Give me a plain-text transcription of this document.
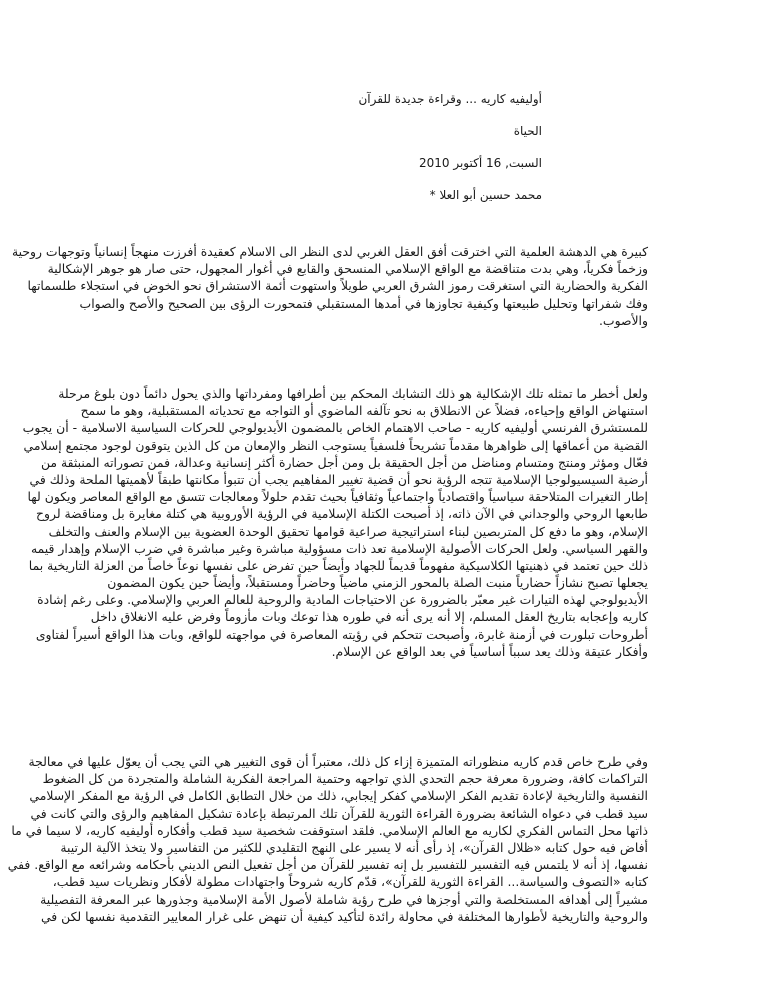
أوليفيه كاريه ... وقراءة جديدة للقرآن
الحياة
السبت, 16 أكتوبر 2010
محمد حسين أبو العلا *
كبيرة هي الدهشة العلمية التي اخترقت أفق العقل الغربي لدى النظر الى الاسلام كعقيدة أفرزت منهجاً إنسانياً وتوجهات روحية
وزخماً فكرياً، وهي بدت متناقضة مع الواقع الإسلامي المنسحق والقابع في أغوار المجهول، حتى صار هو جوهر الإشكالية
الفكرية والحضارية التي استغرقت رموز الشرق العربي طويلاً واستهوت أئمة الاستشراق نحو الخوض في استجلاء طلسماتها
وفك شفراتها وتحليل طبيعتها وكيفية تجاوزها في أمدها المستقبلي فتمحورت الرؤى بين الصحيح والأصح والصواب
والأصوب.
ولعل أخطر ما تمثله تلك الإشكالية هو ذلك التشابك المحكم بين أطرافها ومفرداتها والذي يحول دائماً دون بلوغ مرحلة
استنهاض الواقع وإحياءه، فضلاً عن الانطلاق به نحو تآلفه الماضوي أو التواجه مع تحدياته المستقبلية، وهو ما سمح
للمستشرق الفرنسي أوليفيه كاريه - صاحب الاهتمام الخاص بالمضمون الأيديولوجي للحركات السياسية الاسلامية - أن يجوب
القضية من أعماقها إلى ظواهرها مقدماً تشريحاً فلسفياً يستوجب النظر والإمعان من كل الذين يتوقون لوجود مجتمع إسلامي
فعّال ومؤثر ومنتج ومتسام ومناضل من أجل الحقيقة بل ومن أجل حضارة أكثر إنسانية وعدالة، فمن تصوراته المنبثقة من
أرضية السيسيولوجيا الإسلامية تتجه الرؤية نحو أن قضية تغيير المفاهيم يجب أن تتبوأ مكانتها طبقاً لأهميتها الملحة وذلك في
إطار التغيرات المتلاحقة سياسياً واقتصادياً واجتماعياً وثقافياً بحيث تقدم حلولاً ومعالجات تتسق مع الواقع المعاصر ويكون لها
طابعها الروحي والوجداني في الآن ذاته، إذ أصبحت الكتلة الإسلامية في الرؤية الأوروبية هي كتلة مغايرة بل ومناقضة لروح
الإسلام، وهو ما دفع كل المتربصين لبناء استراتيجية صراعية قوامها تحقيق الوحدة العضوية بين الإسلام والعنف والتخلف
والقهر السياسي. ولعل الحركات الأصولية الإسلامية تعد ذات مسؤولية مباشرة وغير مباشرة في ضرب الإسلام وإهدار قيمه
ذلك حين تعتمد في ذهنيتها الكلاسيكية مفهوماً قديماً للجهاد وأيضاً حين تفرض على نفسها نوعاً خاصاً من العزلة التاريخية بما
يجعلها تصبح نشازاً حضارياً منبت الصلة بالمحور الزمني ماضياً وحاضراً ومستقبلاً، وأيضاً حين يكون المضمون
الأيديولوجي لهذه التيارات غير معبّر بالضرورة عن الاحتياجات المادية والروحية للعالم العربي والإسلامي. وعلى رغم إشادة
كاريه وإعجابه بتاريخ العقل المسلم، إلا أنه يرى أنه في طوره هذا توعك وبات مأزوماً وفرض عليه الانغلاق داخل
أطروحات تبلورت في أزمنة غابرة، وأصبحت تتحكم في رؤيته المعاصرة في مواجهته للواقع، وبات هذا الواقع أسيراً لفتاوى
وأفكار عتيقة وذلك يعد سبباً أساسياً في بعد الواقع عن الإسلام.
وفي طرح خاص قدم كاريه منظوراته المتميزة إزاء كل ذلك، معتبراً أن قوى التغيير هي التي يجب أن يعوّل عليها في معالجة
التراكمات كافة، وضرورة معرفة حجم التحدي الذي تواجهه وحتمية المراجعة الفكرية الشاملة والمتجردة من كل الضغوط
النفسية والتاريخية لإعادة تقديم الفكر الإسلامي كفكر إيجابي، ذلك من خلال التطابق الكامل في الرؤية مع المفكر الإسلامي
سيد قطب في دعواه الشائعة بضرورة القراءة الثورية للقرآن تلك المرتبطة بإعادة تشكيل المفاهيم والرؤى والتي كانت في
ذاتها محل التماس الفكري لكاريه مع العالم الإسلامي. فلقد استوقفت شخصية سيد قطب وأفكاره أوليفيه كاريه، لا سيما في ما
أفاض فيه حول كتابه «ظلال القرآن»، إذ رأى أنه لا يسير على النهج التقليدي للكثير من التفاسير ولا يتخذ الآلية الرتيبة
نفسها، إذ أنه لا يلتمس فيه التفسير للتفسير بل إنه تفسير للقرآن من أجل تفعيل النص الديني بأحكامه وشرائعه مع الواقع. ففي
كتابه «التصوف والسياسة... القراءة الثورية للقرآن»، قدّم كاريه شروحاً واجتهادات مطولة لأفكار ونظريات سيد قطب،
مشيراً إلى أهدافه المستخلصة والتي أوجزها في طرح رؤية شاملة لأصول الأمة الإسلامية وجذورها عبر المعرفة التفصيلية
والروحية والتاريخية لأطوارها المختلفة في محاولة رائدة لتأكيد كيفية أن تنهض على غرار المعايير التقدمية نفسها لكن في
